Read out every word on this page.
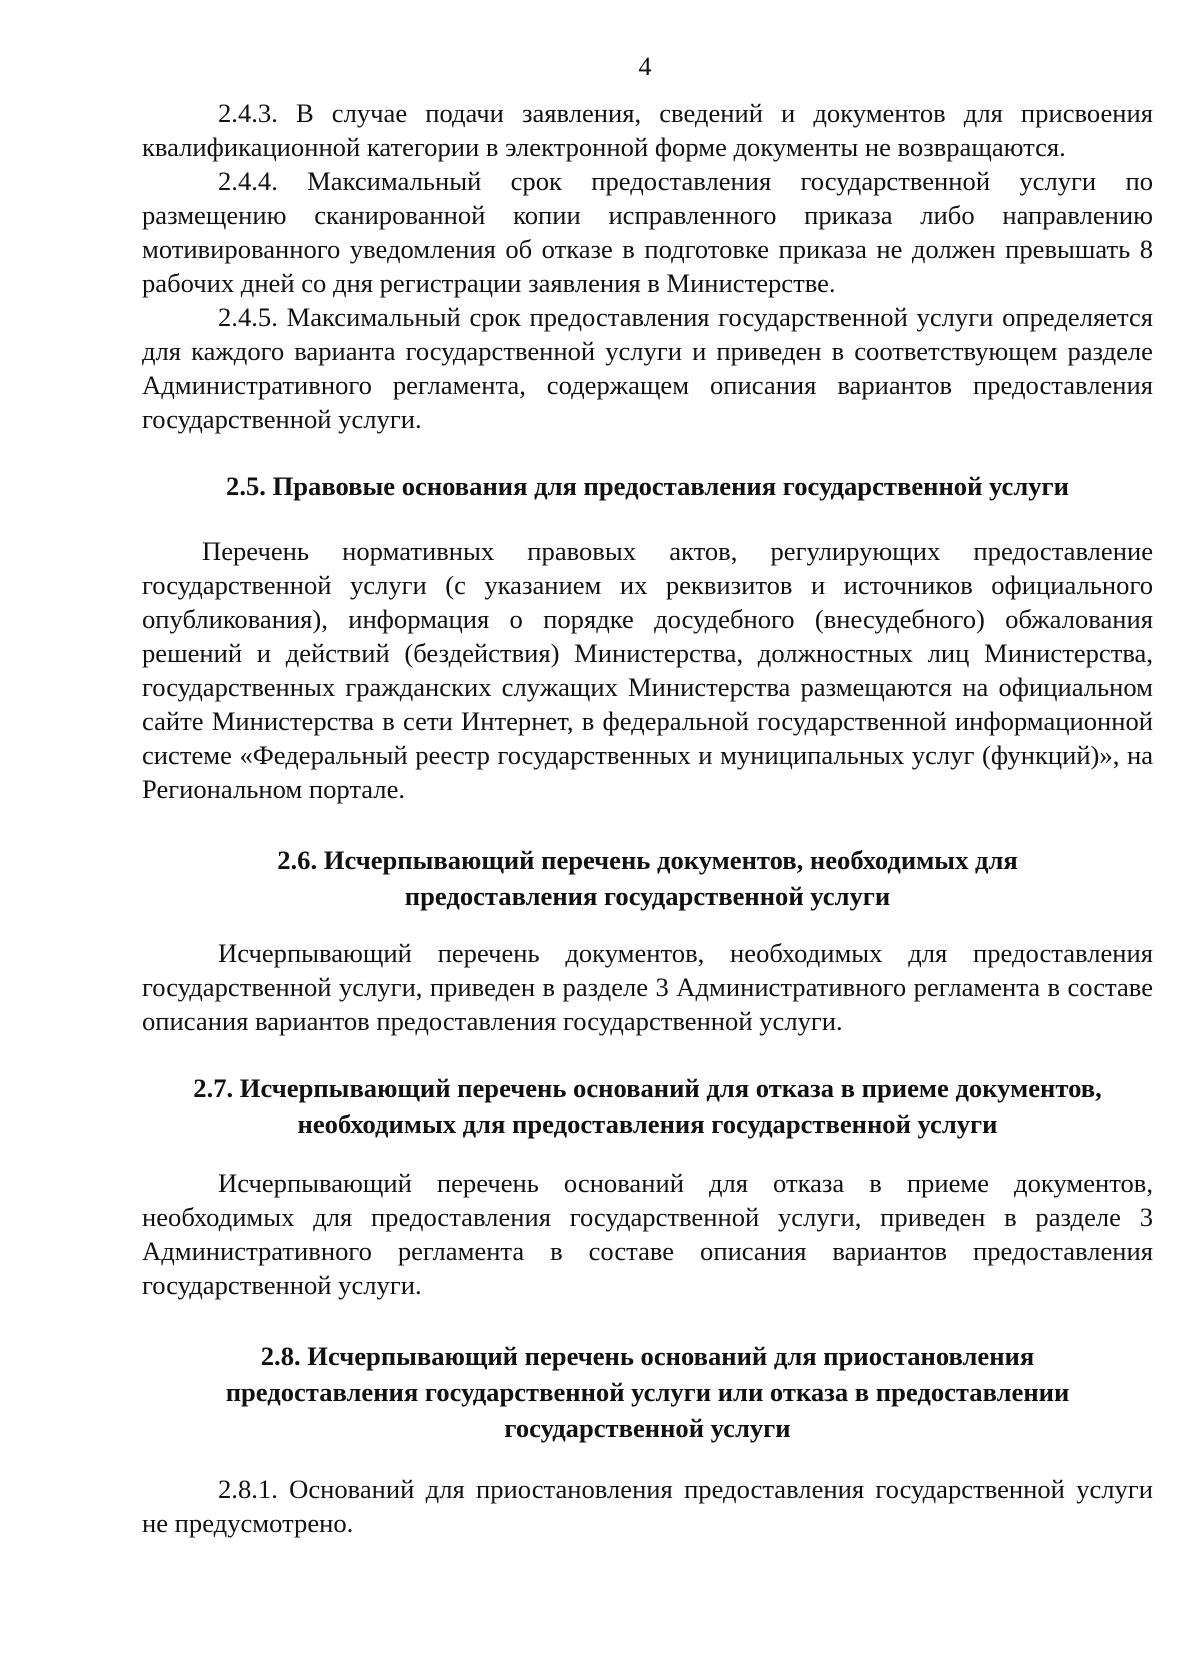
4

2.4.3. В случае подачи заявления, сведений и документов для присвоения квалификационной категории в электронной форме документы не возвращаются.

2.4.4. Максимальный срок предоставления государственной услуги по размещению сканированной копии исправленного приказа либо направлению мотивированного уведомления об отказе в подготовке приказа не должен превышать 8 рабочих дней со дня регистрации заявления в Министерстве.

2.4.5. Максимальный срок предоставления государственной услуги определяется для каждого варианта государственной услуги и приведен в соответствующем разделе Административного регламента, содержащем описания вариантов предоставления государственной услуги.

2.5. Правовые основания для предоставления государственной услуги

Перечень нормативных правовых актов, регулирующих предоставление государственной услуги (с указанием их реквизитов и источников официального опубликования), информация о порядке досудебного (внесудебного) обжалования решений и действий (бездействия) Министерства, должностных лиц Министерства, государственных гражданских служащих Министерства размещаются на официальном сайте Министерства в сети Интернет, в федеральной государственной информационной системе «Федеральный реестр государственных и муниципальных услуг (функций)», на Региональном портале.

2.6. Исчерпывающий перечень документов, необходимых для предоставления государственной услуги

Исчерпывающий перечень документов, необходимых для предоставления государственной услуги, приведен в разделе 3 Административного регламента в составе описания вариантов предоставления государственной услуги.

2.7. Исчерпывающий перечень оснований для отказа в приеме документов, необходимых для предоставления государственной услуги

Исчерпывающий перечень оснований для отказа в приеме документов, необходимых для предоставления государственной услуги, приведен в разделе 3 Административного регламента в составе описания вариантов предоставления государственной услуги.

2.8. Исчерпывающий перечень оснований для приостановления предоставления государственной услуги или отказа в предоставлении государственной услуги

2.8.1. Оснований для приостановления предоставления государственной услуги не предусмотрено.
